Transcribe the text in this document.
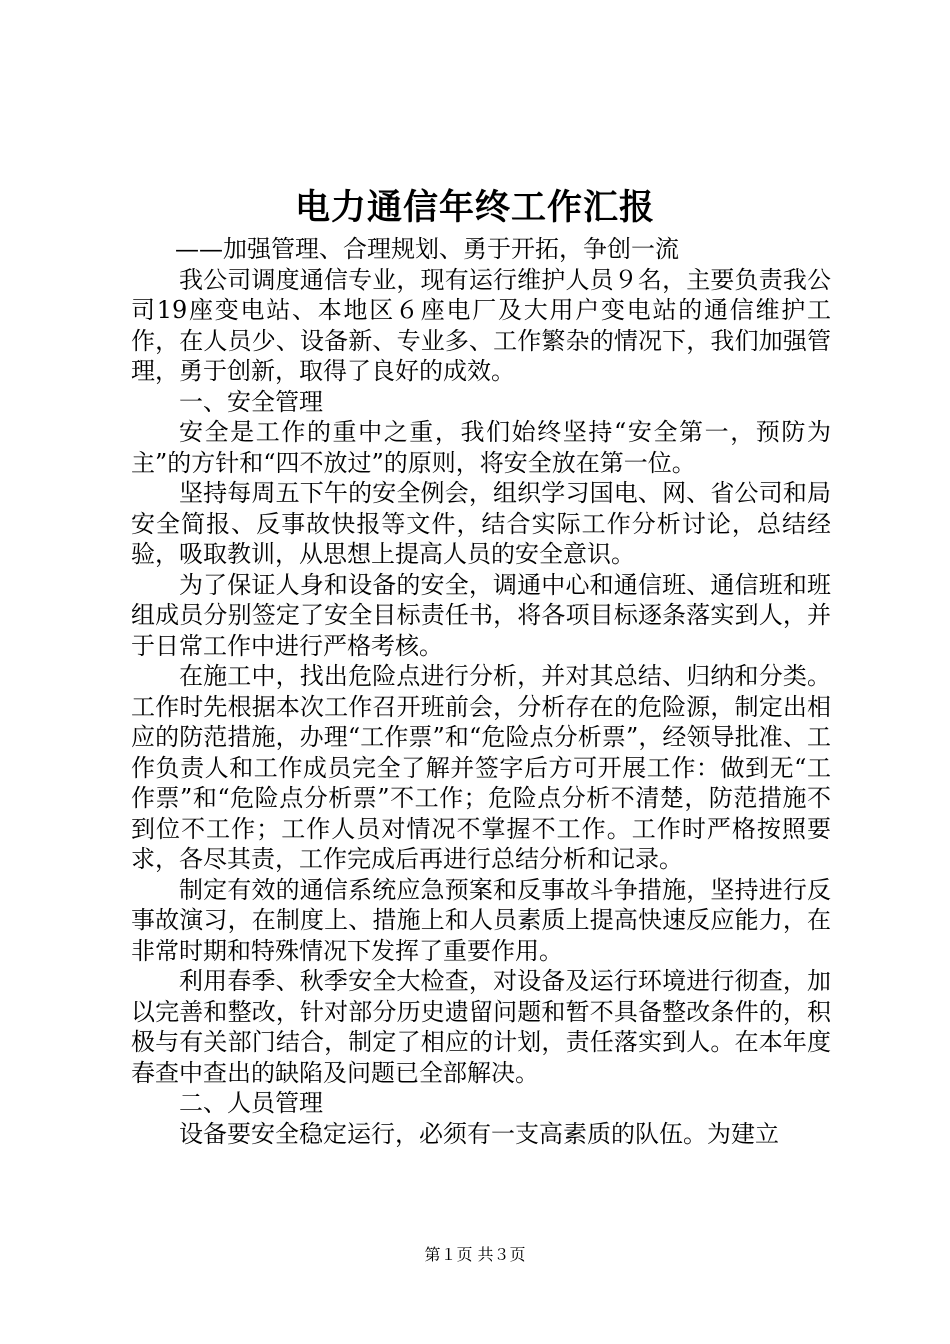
电力通信年终工作汇报

——加强管理、合理规划、勇于开拓，争创一流

我公司调度通信专业，现有运行维护人员９名，主要负责我公司19座变电站、本地区６座电厂及大用户变电站的通信维护工作，在人员少、设备新、专业多、工作繁杂的情况下，我们加强管理，勇于创新，取得了良好的成效。

一、安全管理

安全是工作的重中之重，我们始终坚持“安全第一，预防为主”的方针和“四不放过”的原则，将安全放在第一位。

坚持每周五下午的安全例会，组织学习国电、网、省公司和局安全简报、反事故快报等文件，结合实际工作分析讨论，总结经验，吸取教训，从思想上提高人员的安全意识。

为了保证人身和设备的安全，调通中心和通信班、通信班和班组成员分别签定了安全目标责任书，将各项目标逐条落实到人，并于日常工作中进行严格考核。

在施工中，找出危险点进行分析，并对其总结、归纳和分类。工作时先根据本次工作召开班前会，分析存在的危险源，制定出相应的防范措施，办理“工作票”和“危险点分析票”，经领导批准、工作负责人和工作成员完全了解并签字后方可开展工作：做到无“工作票”和“危险点分析票”不工作；危险点分析不清楚，防范措施不到位不工作；工作人员对情况不掌握不工作。工作时严格按照要求，各尽其责，工作完成后再进行总结分析和记录。

制定有效的通信系统应急预案和反事故斗争措施，坚持进行反事故演习，在制度上、措施上和人员素质上提高快速反应能力，在非常时期和特殊情况下发挥了重要作用。

利用春季、秋季安全大检查，对设备及运行环境进行彻查，加以完善和整改，针对部分历史遗留问题和暂不具备整改条件的，积极与有关部门结合，制定了相应的计划，责任落实到人。在本年度春查中查出的缺陷及问题已全部解决。

二、人员管理

设备要安全稳定运行，必须有一支高素质的队伍。为建立

第１页 共３页
